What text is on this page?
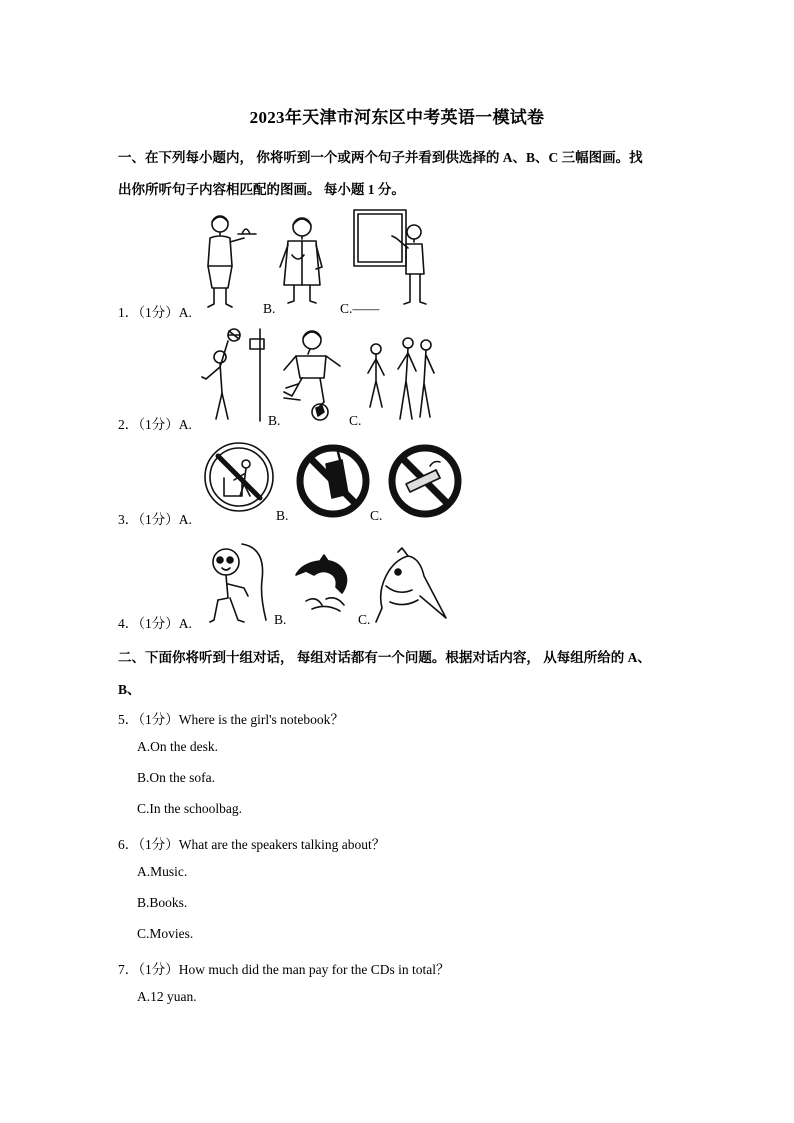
2023年天津市河东区中考英语一模试卷
一、在下列每小题内， 你将听到一个或两个句子并看到供选择的 A、B、C 三幅图画。找
出你所听句子内容相匹配的图画。 每小题 1 分。
1．（1分）A.	B.	C.——
2．（1分）A.	B.	C.
3．（1分）A.	B.	C.
4．（1分）A.	B.	C.
二、下面你将听到十组对话， 每组对话都有一个问题。根据对话内容， 从每组所给的 A、
B、
5．（1分）Where is the girl's notebook？
A.On the desk.
B.On the sofa.
C.In the schoolbag.
6．（1分）What are the speakers talking about？
A.Music.
B.Books.
C.Movies.
7．（1分）How much did the man pay for the CDs in total？
A.12 yuan.
